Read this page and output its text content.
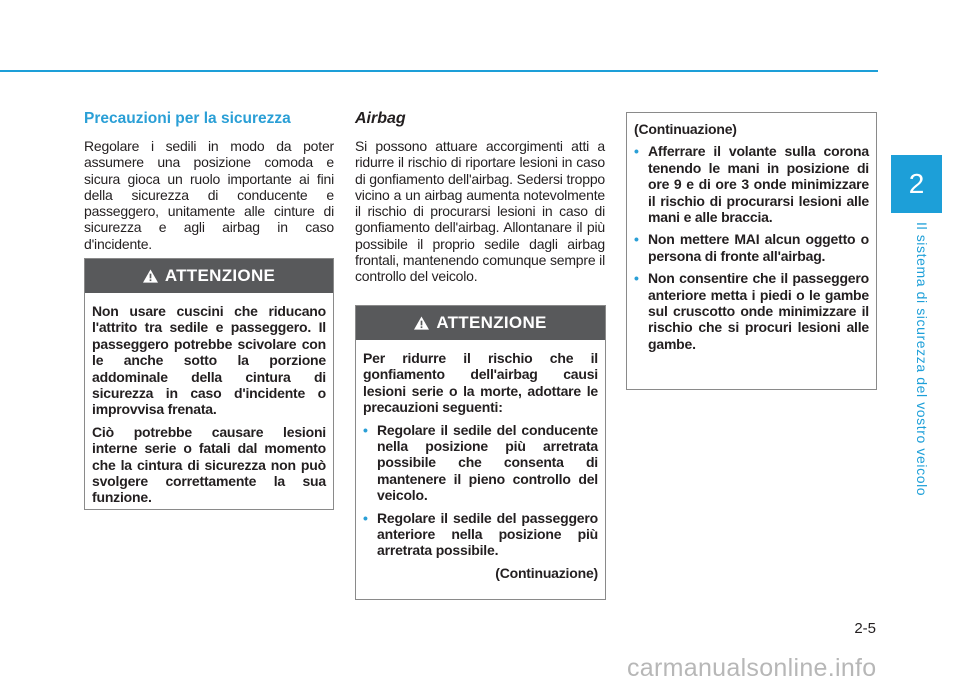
2
Il sistema di sicurezza del vostro veicolo
Precauzioni per la sicurezza

Regolare i sedili in modo da poter assumere una posizione comoda e sicura gioca un ruolo importante ai fini della sicurezza di conducente e passeggero, unitamente alle cinture di sicurezza e agli airbag in caso d'incidente.

ATTENZIONE

Non usare cuscini che riducano l'attrito tra sedile e passeggero. Il passeggero potrebbe scivolare con le anche sotto la porzione addominale della cintura di sicurezza in caso d'incidente o improvvisa frenata.

Ciò potrebbe causare lesioni interne serie o fatali dal momento che la cintura di sicurezza non può svolgere correttamente la sua funzione.

Airbag

Si possono attuare accorgimenti atti a ridurre il rischio di riportare lesioni in caso di gonfiamento dell'airbag. Sedersi troppo vicino a un airbag aumenta notevolmente il rischio di procurarsi lesioni in caso di gonfiamento dell'airbag. Allontanare il più possibile il proprio sedile dagli airbag frontali, mantenendo comunque sempre il controllo del veicolo.

ATTENZIONE

Per ridurre il rischio che il gonfiamento dell'airbag causi lesioni serie o la morte, adottare le precauzioni seguenti:

• Regolare il sedile del conducente nella posizione più arretrata possibile che consenta di mantenere il pieno controllo del veicolo.
• Regolare il sedile del passeggero anteriore nella posizione più arretrata possibile.
(Continuazione)

(Continuazione)

• Afferrare il volante sulla corona tenendo le mani in posizione di ore 9 e di ore 3 onde minimizzare il rischio di procurarsi lesioni alle mani e alle braccia.
• Non mettere MAI alcun oggetto o persona di fronte all'airbag.
• Non consentire che il passeggero anteriore metta i piedi o le gambe sul cruscotto onde minimizzare il rischio che si procuri lesioni alle gambe.
2-5
carmanualsonline.info
